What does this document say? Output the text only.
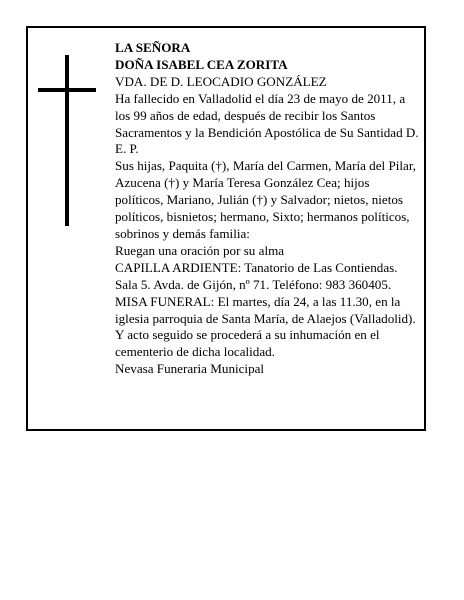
LA SEÑORA

DOÑA ISABEL CEA ZORITA

VDA. DE D. LEOCADIO GONZÁLEZ

Ha fallecido en Valladolid el día 23 de mayo de 2011, a los 99 años de edad, después de recibir los Santos Sacramentos y la Bendición Apostólica de Su Santidad D. E. P.

Sus hijas, Paquita (†), María del Carmen, María del Pilar, Azucena (†) y María Teresa González Cea; hijos políticos, Mariano, Julián (†) y Salvador; nietos, nietos políticos, bisnietos; hermano, Sixto; hermanos políticos, sobrinos y demás familia:

Ruegan una oración por su alma

CAPILLA ARDIENTE: Tanatorio de Las Contiendas. Sala 5. Avda. de Gijón, nº 71. Teléfono: 983 360405.

MISA FUNERAL: El martes, día 24, a las 11.30, en la iglesia parroquia de Santa María, de Alaejos (Valladolid). Y acto seguido se procederá a su inhumación en el cementerio de dicha localidad.

Nevasa Funeraria Municipal
